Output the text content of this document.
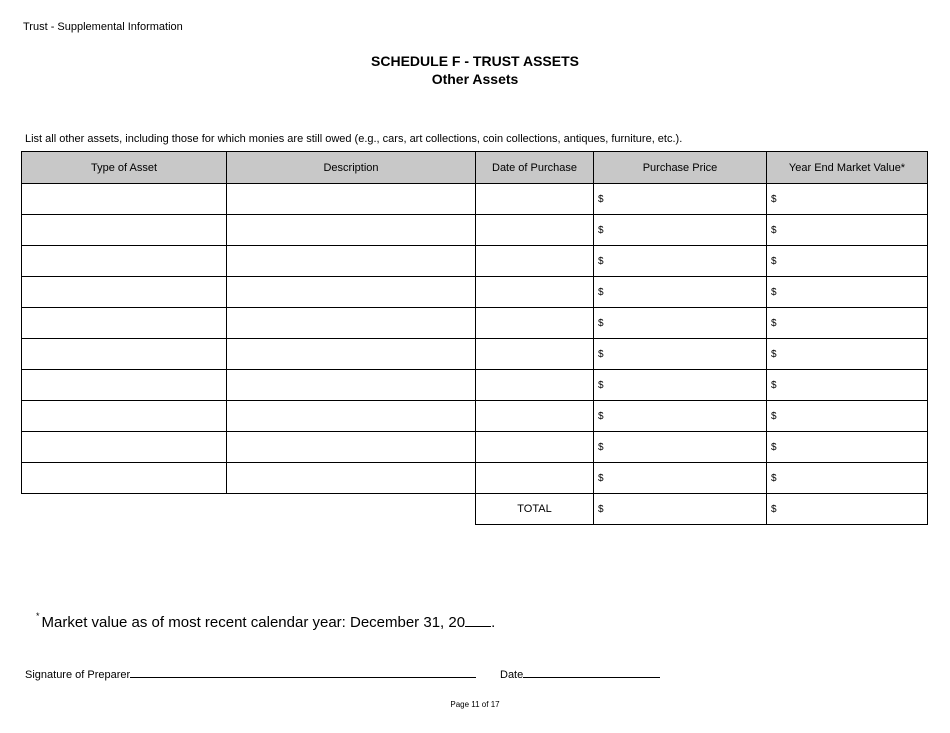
Trust - Supplemental Information
SCHEDULE F - TRUST ASSETS
Other Assets
List all other assets, including those for which monies are still owed (e.g., cars, art collections, coin collections, antiques, furniture, etc.).
Type of Asset	Description	Date of Purchase	Purchase Price	Year End Market Value*
			$	$
			$	$
			$	$
			$	$
			$	$
			$	$
			$	$
			$	$
			$	$
			$	$
		TOTAL	$	$
* Market value as of most recent calendar year: December 31, 20 .
Signature of Preparer	Date
Page 11 of 17
